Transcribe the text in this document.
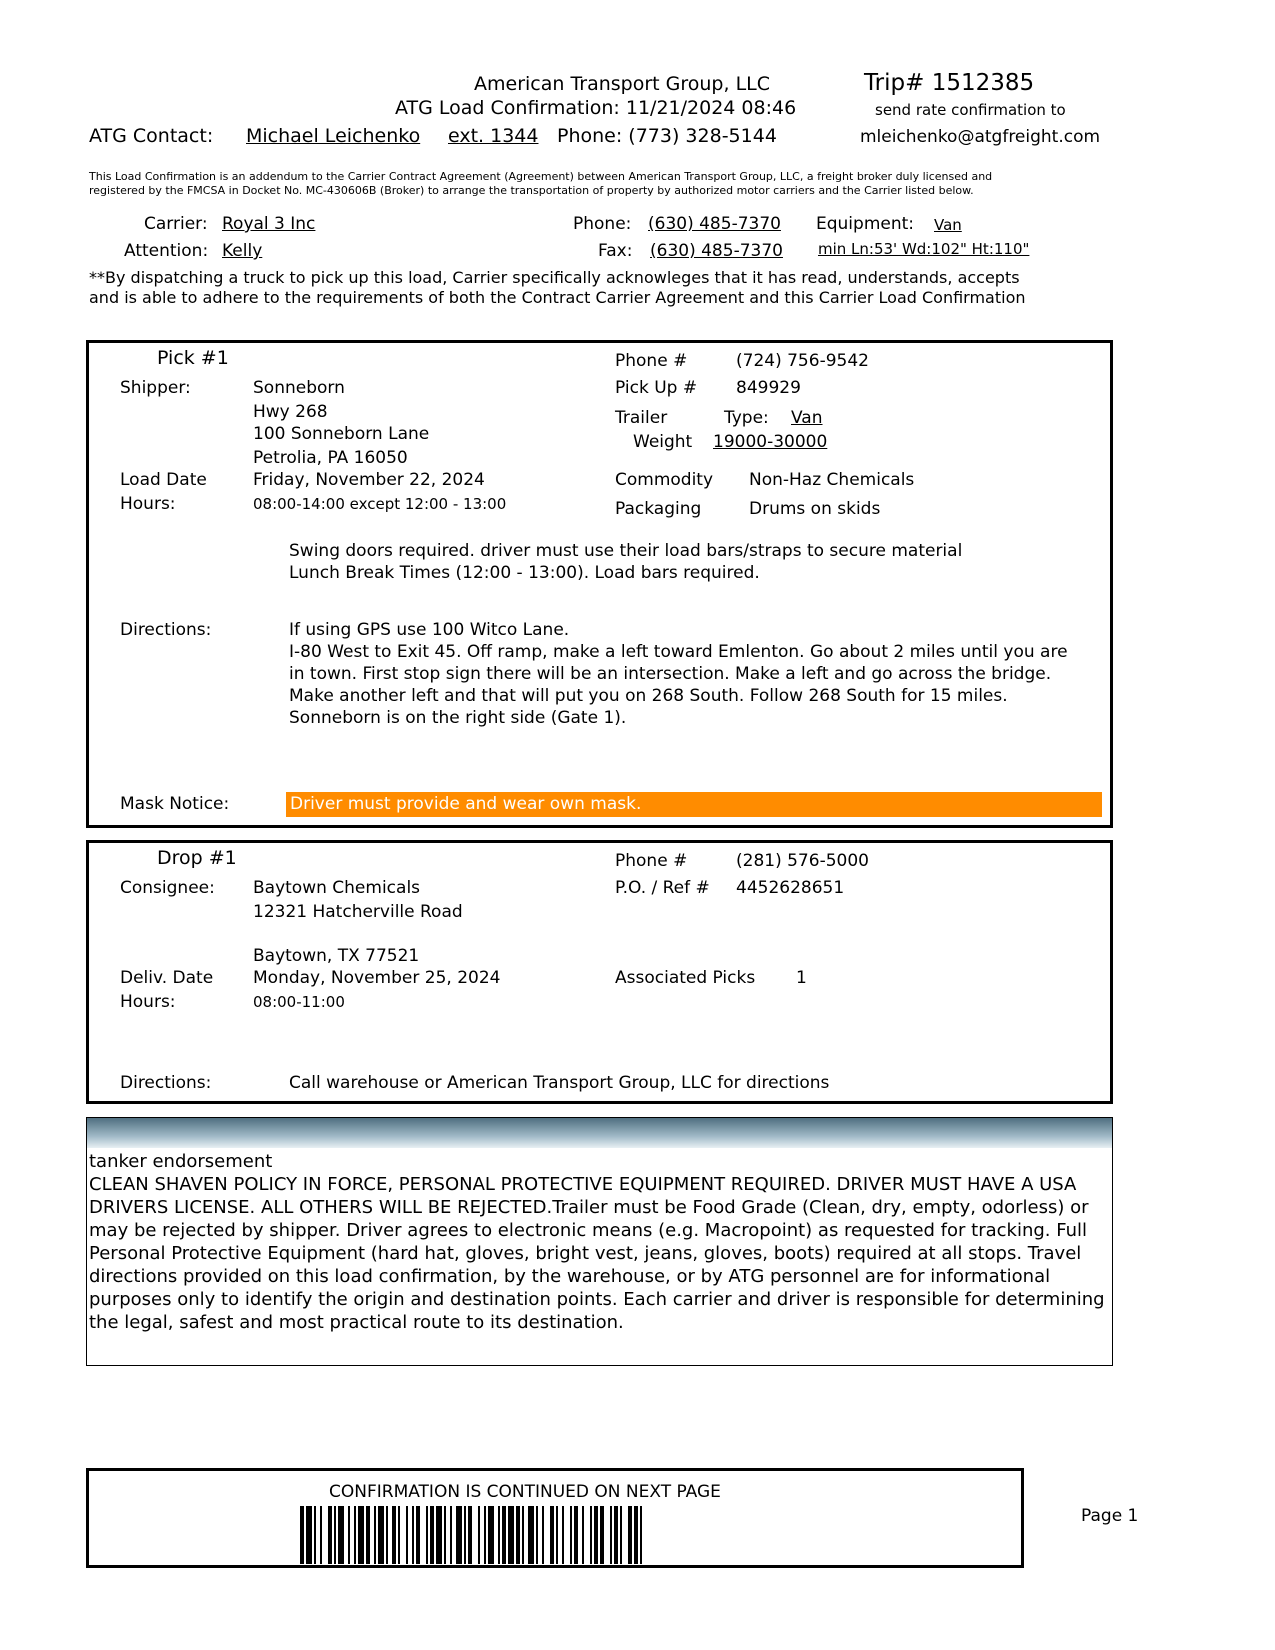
American Transport Group, LLC	Trip# 1512385
ATG Load Confirmation: 11/21/2024 08:46	send rate confirmation to
ATG Contact: Michael Leichenko ext. 1344 Phone: (773) 328-5144	mleichenko@atgfreight.com
This Load Confirmation is an addendum to the Carrier Contract Agreement (Agreement) between American Transport Group, LLC, a freight broker duly licensed and
registered by the FMCSA in Docket No. MC-430606B (Broker) to arrange the transportation of property by authorized motor carriers and the Carrier listed below.
Carrier: Royal 3 Inc
Attention: Kelly
Phone: (630) 485-7370
Fax: (630) 485-7370
Equipment: Van
min Ln:53' Wd:102" Ht:110"
**By dispatching a truck to pick up this load, Carrier specifically acknowleges that it has read, understands, accepts
and is able to adhere to the requirements of both the Contract Carrier Agreement and this Carrier Load Confirmation
Pick #1
Shipper:	Sonneborn
Hwy 268
100 Sonneborn Lane
Petrolia, PA 16050
Load Date	Friday, November 22, 2024
Hours:	08:00-14:00 except 12:00 - 13:00
Phone #	(724) 756-9542
Pick Up # 849929
Trailer	Type: Van
Weight 19000-30000
Commodity Non-Haz Chemicals
Packaging	Drums on skids
Swing doors required. driver must use their load bars/straps to secure material
Lunch Break Times (12:00 - 13:00). Load bars required.
Directions:	If using GPS use 100 Witco Lane.
I-80 West to Exit 45. Off ramp, make a left toward Emlenton. Go about 2 miles until you are in town. First stop sign there will be an intersection. Make a left and go across the bridge. Make another left and that will put you on 268 South. Follow 268 South for 15 miles. Sonneborn is on the right side (Gate 1).
Mask Notice:	Driver must provide and wear own mask.
Drop #1
Consignee: Baytown Chemicals
12321 Hatcherville Road
Baytown, TX 77521
Deliv. Date Monday, November 25, 2024
Hours:	08:00-11:00
Phone #	(281) 576-5000
P.O. / Ref # 4452628651
Associated Picks 1
Directions:	Call warehouse or American Transport Group, LLC for directions
tanker endorsement
CLEAN SHAVEN POLICY IN FORCE, PERSONAL PROTECTIVE EQUIPMENT REQUIRED. DRIVER MUST HAVE A USA DRIVERS LICENSE. ALL OTHERS WILL BE REJECTED.Trailer must be Food Grade (Clean, dry, empty, odorless) or may be rejected by shipper. Driver agrees to electronic means (e.g. Macropoint) as requested for tracking. Full Personal Protective Equipment (hard hat, gloves, bright vest, jeans, gloves, boots) required at all stops. Travel directions provided on this load confirmation, by the warehouse, or by ATG personnel are for informational purposes only to identify the origin and destination points. Each carrier and driver is responsible for determining the legal, safest and most practical route to its destination.
CONFIRMATION IS CONTINUED ON NEXT PAGE
Page 1
